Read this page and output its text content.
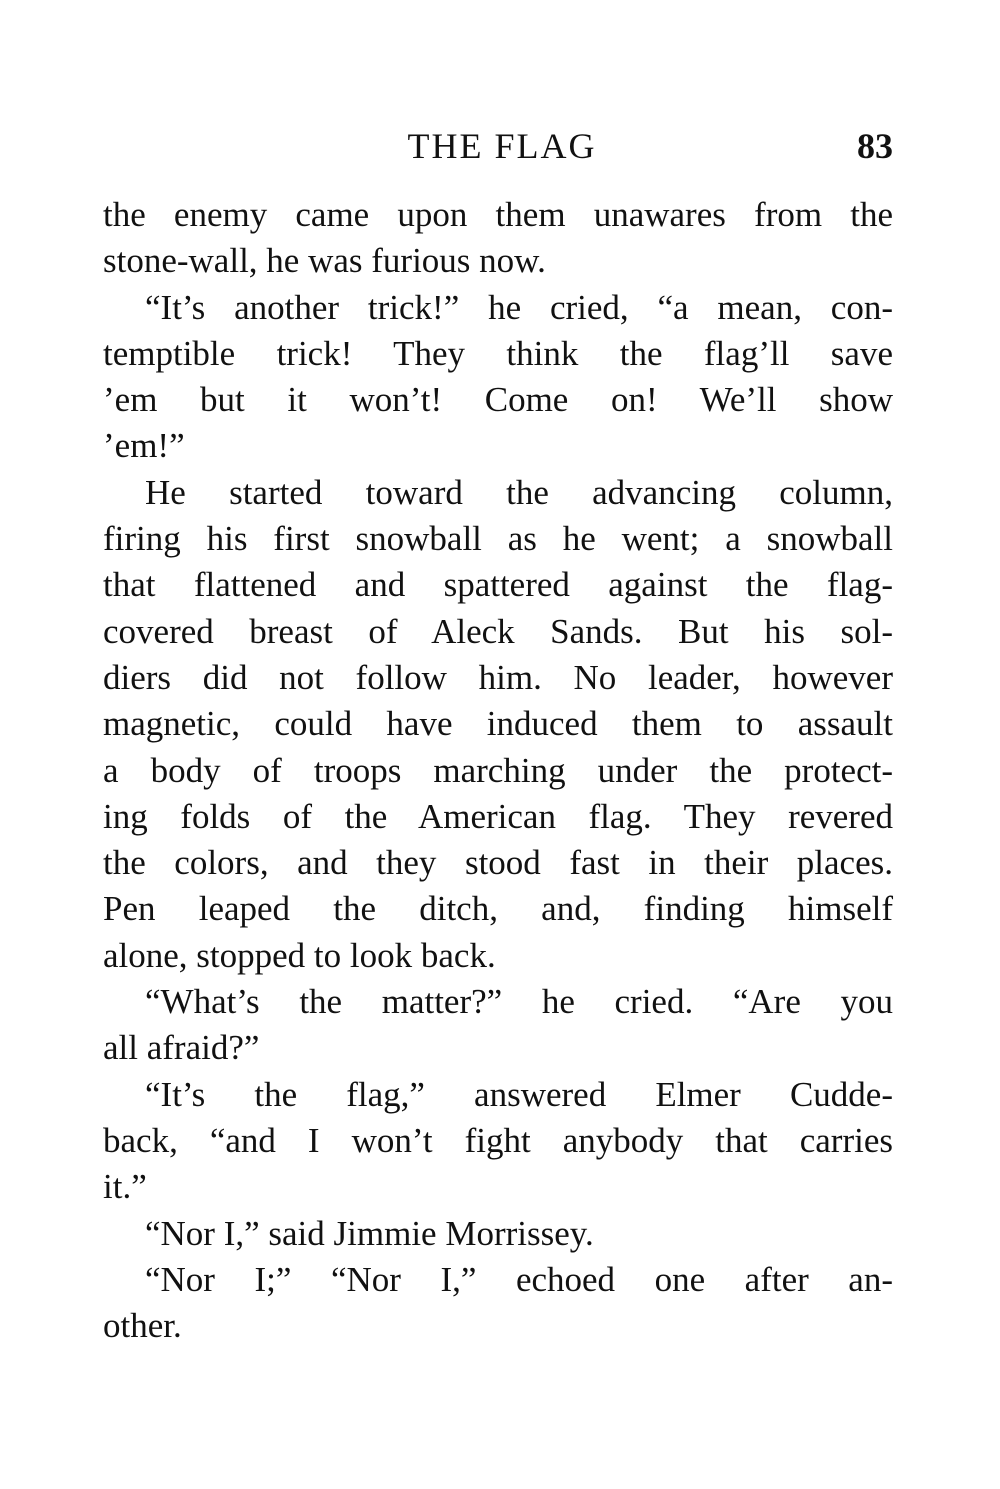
THE FLAG	83
the enemy came upon them unawares from the
stone-wall, he was furious now.
“It’s another trick!” he cried, “a mean, con-
temptible trick! They think the flag’ll save
’em but it won’t! Come on! We’ll show
’em!”
He started toward the advancing column,
firing his first snowball as he went; a snowball
that flattened and spattered against the flag-
covered breast of Aleck Sands. But his sol-
diers did not follow him. No leader, however
magnetic, could have induced them to assault
a body of troops marching under the protect-
ing folds of the American flag. They revered
the colors, and they stood fast in their places.
Pen leaped the ditch, and, finding himself
alone, stopped to look back.
“What’s the matter?” he cried. “Are you
all afraid?”
“It’s the flag,” answered Elmer Cudde-
back, “and I won’t fight anybody that carries
it.”
“Nor I,” said Jimmie Morrissey.
“Nor I;” “Nor I,” echoed one after an-
other.
